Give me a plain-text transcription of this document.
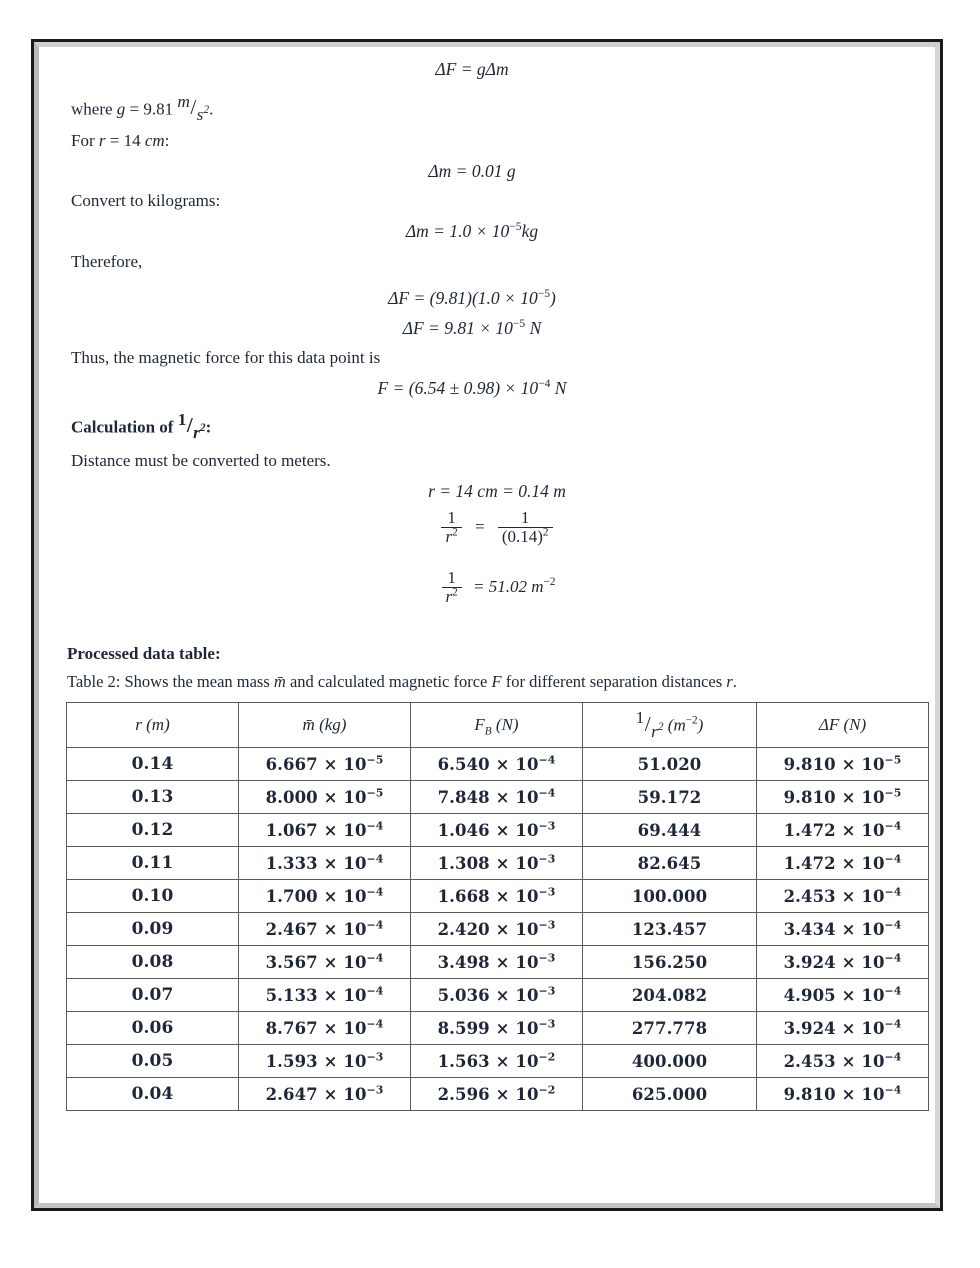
ΔF = gΔm
where g = 9.81 $m/s^2$.
For r = 14 cm:
Δm = 0.01 g
Convert to kilograms:
$\Delta m = 1.0 \times 10^{-5}kg$
Therefore,
$\Delta F = (9.81)(1.0 \times 10^{-5})$
$\Delta F = 9.81 \times 10^{-5}$ N
Thus, the magnetic force for this data point is
$F = (6.54 \pm 0.98) \times 10^{-4}$ N
Calculation of $1/r^2$:
Distance must be converted to meters.
r = 14 cm = 0.14 m
$\frac{1}{r^2} = \frac{1}{(0.14)^2}$
$\frac{1}{r^2} = 51.02$ $m^{-2}$
Processed data table:
Table 2: Shows the mean mass m̄ and calculated magnetic force F for different separation distances r.
r (m)	m̄ (kg)	$F_B$ (N)	$1/r^2$ $(m^{-2})$	ΔF (N)
0.14	$6.667 \times 10^{-5}$	$6.540 \times 10^{-4}$	51.020	$9.810 \times 10^{-5}$
0.13	$8.000 \times 10^{-5}$	$7.848 \times 10^{-4}$	59.172	$9.810 \times 10^{-5}$
0.12	$1.067 \times 10^{-4}$	$1.046 \times 10^{-3}$	69.444	$1.472 \times 10^{-4}$
0.11	$1.333 \times 10^{-4}$	$1.308 \times 10^{-3}$	82.645	$1.472 \times 10^{-4}$
0.10	$1.700 \times 10^{-4}$	$1.668 \times 10^{-3}$	100.000	$2.453 \times 10^{-4}$
0.09	$2.467 \times 10^{-4}$	$2.420 \times 10^{-3}$	123.457	$3.434 \times 10^{-4}$
0.08	$3.567 \times 10^{-4}$	$3.498 \times 10^{-3}$	156.250	$3.924 \times 10^{-4}$
0.07	$5.133 \times 10^{-4}$	$5.036 \times 10^{-3}$	204.082	$4.905 \times 10^{-4}$
0.06	$8.767 \times 10^{-4}$	$8.599 \times 10^{-3}$	277.778	$3.924 \times 10^{-4}$
0.05	$1.593 \times 10^{-3}$	$1.563 \times 10^{-2}$	400.000	$2.453 \times 10^{-4}$
0.04	$2.647 \times 10^{-3}$	$2.596 \times 10^{-2}$	625.000	$9.810 \times 10^{-4}$
